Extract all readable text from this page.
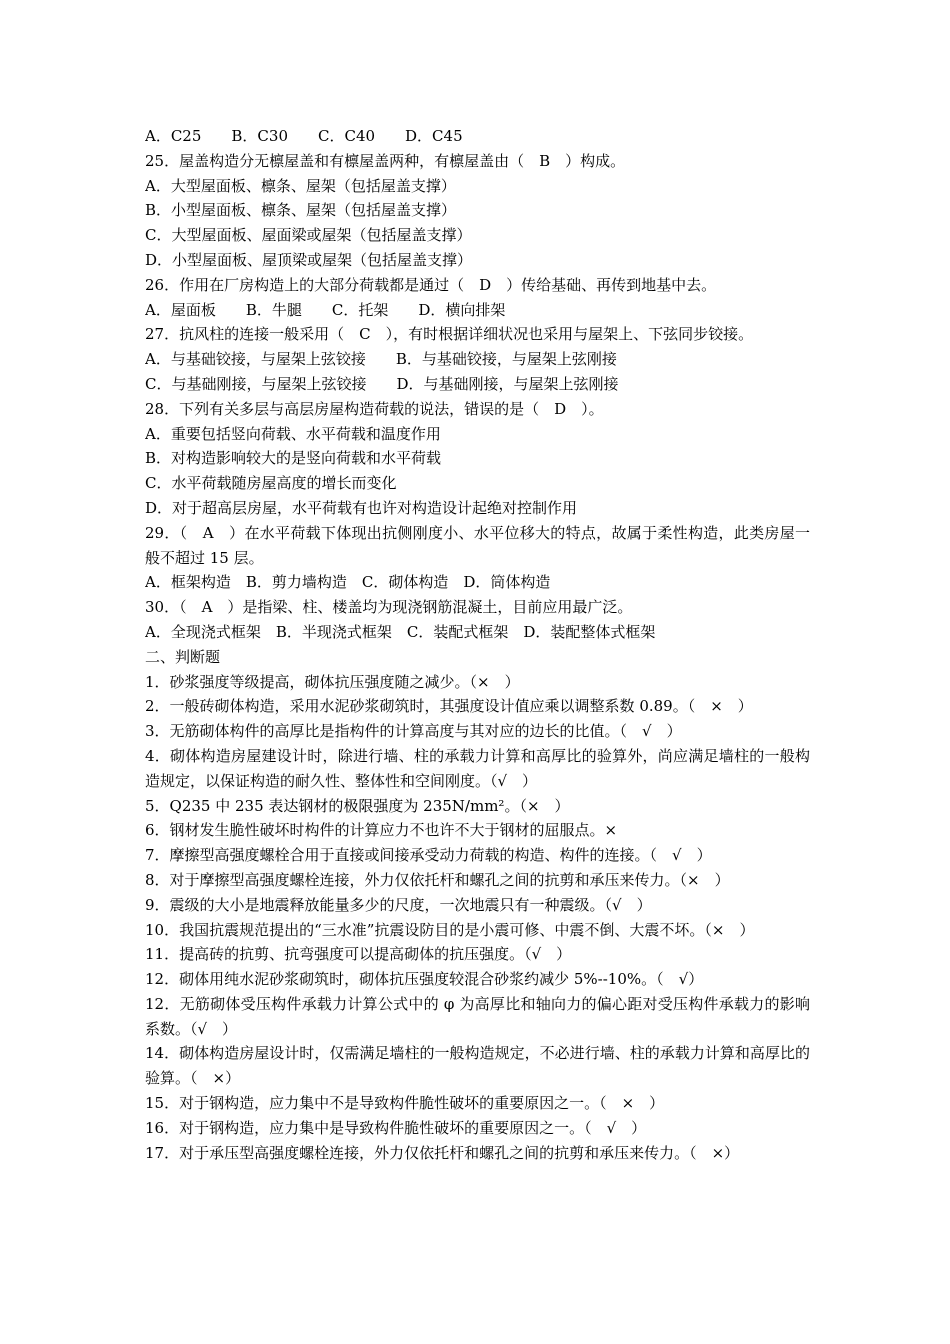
A．C25　　B．C30　　C．C40　　D．C45
25．屋盖构造分无檩屋盖和有檩屋盖两种，有檩屋盖由（　B　）构成。
A．大型屋面板、檩条、屋架（包括屋盖支撑）
B．小型屋面板、檩条、屋架（包括屋盖支撑）
C．大型屋面板、屋面梁或屋架（包括屋盖支撑）
D．小型屋面板、屋顶梁或屋架（包括屋盖支撑）
26．作用在厂房构造上的大部分荷载都是通过（　D　）传给基础、再传到地基中去。
A．屋面板　　B．牛腿　　C．托架　　D．横向排架
27．抗风柱的连接一般采用（　C　），有时根据详细状况也采用与屋架上、下弦同步铰接。
A．与基础铰接，与屋架上弦铰接　　B．与基础铰接，与屋架上弦刚接
C．与基础刚接，与屋架上弦铰接　　D．与基础刚接，与屋架上弦刚接
28．下列有关多层与高层房屋构造荷载的说法，错误的是（　D　）。
A．重要包括竖向荷载、水平荷载和温度作用
B．对构造影响较大的是竖向荷载和水平荷载
C．水平荷载随房屋高度的增长而变化
D．对于超高层房屋，水平荷载有也许对构造设计起绝对控制作用
29．（　A　）在水平荷载下体现出抗侧刚度小、水平位移大的特点，故属于柔性构造，此类房屋一般不超过 15 层。
A．框架构造　B．剪力墙构造　C．砌体构造　D．筒体构造
30．（　A　）是指梁、柱、楼盖均为现浇钢筋混凝土，目前应用最广泛。
A．全现浇式框架　B．半现浇式框架　C．装配式框架　D．装配整体式框架
二、判断题
1．砂浆强度等级提高，砌体抗压强度随之减少。（×　）
2．一般砖砌体构造，采用水泥砂浆砌筑时，其强度设计值应乘以调整系数 0.89。（　×　）
3．无筋砌体构件的高厚比是指构件的计算高度与其对应的边长的比值。（　√　）
4．砌体构造房屋建设计时，除进行墙、柱的承载力计算和高厚比的验算外，尚应满足墙柱的一般构造规定，以保证构造的耐久性、整体性和空间刚度。（√　）
5．Q235 中 235 表达钢材的极限强度为 235N/mm²。（×　）
6．钢材发生脆性破坏时构件的计算应力不也许不大于钢材的屈服点。×
7．摩擦型高强度螺栓合用于直接或间接承受动力荷载的构造、构件的连接。（　√　）
8．对于摩擦型高强度螺栓连接，外力仅依托杆和螺孔之间的抗剪和承压来传力。（×　）
9．震级的大小是地震释放能量多少的尺度，一次地震只有一种震级。（√　）
10．我国抗震规范提出的“三水准”抗震设防目的是小震可修、中震不倒、大震不坏。（×　）
11．提高砖的抗剪、抗弯强度可以提高砌体的抗压强度。（√　）
12．砌体用纯水泥砂浆砌筑时，砌体抗压强度较混合砂浆约减少 5%--10%。（　√）
12．无筋砌体受压构件承载力计算公式中的 φ 为高厚比和轴向力的偏心距对受压构件承载力的影响系数。（√　）
14．砌体构造房屋设计时，仅需满足墙柱的一般构造规定，不必进行墙、柱的承载力计算和高厚比的验算。（　×）
15．对于钢构造，应力集中不是导致构件脆性破坏的重要原因之一。（　×　）
16．对于钢构造，应力集中是导致构件脆性破坏的重要原因之一。（　√　）
17．对于承压型高强度螺栓连接，外力仅依托杆和螺孔之间的抗剪和承压来传力。（　×）
